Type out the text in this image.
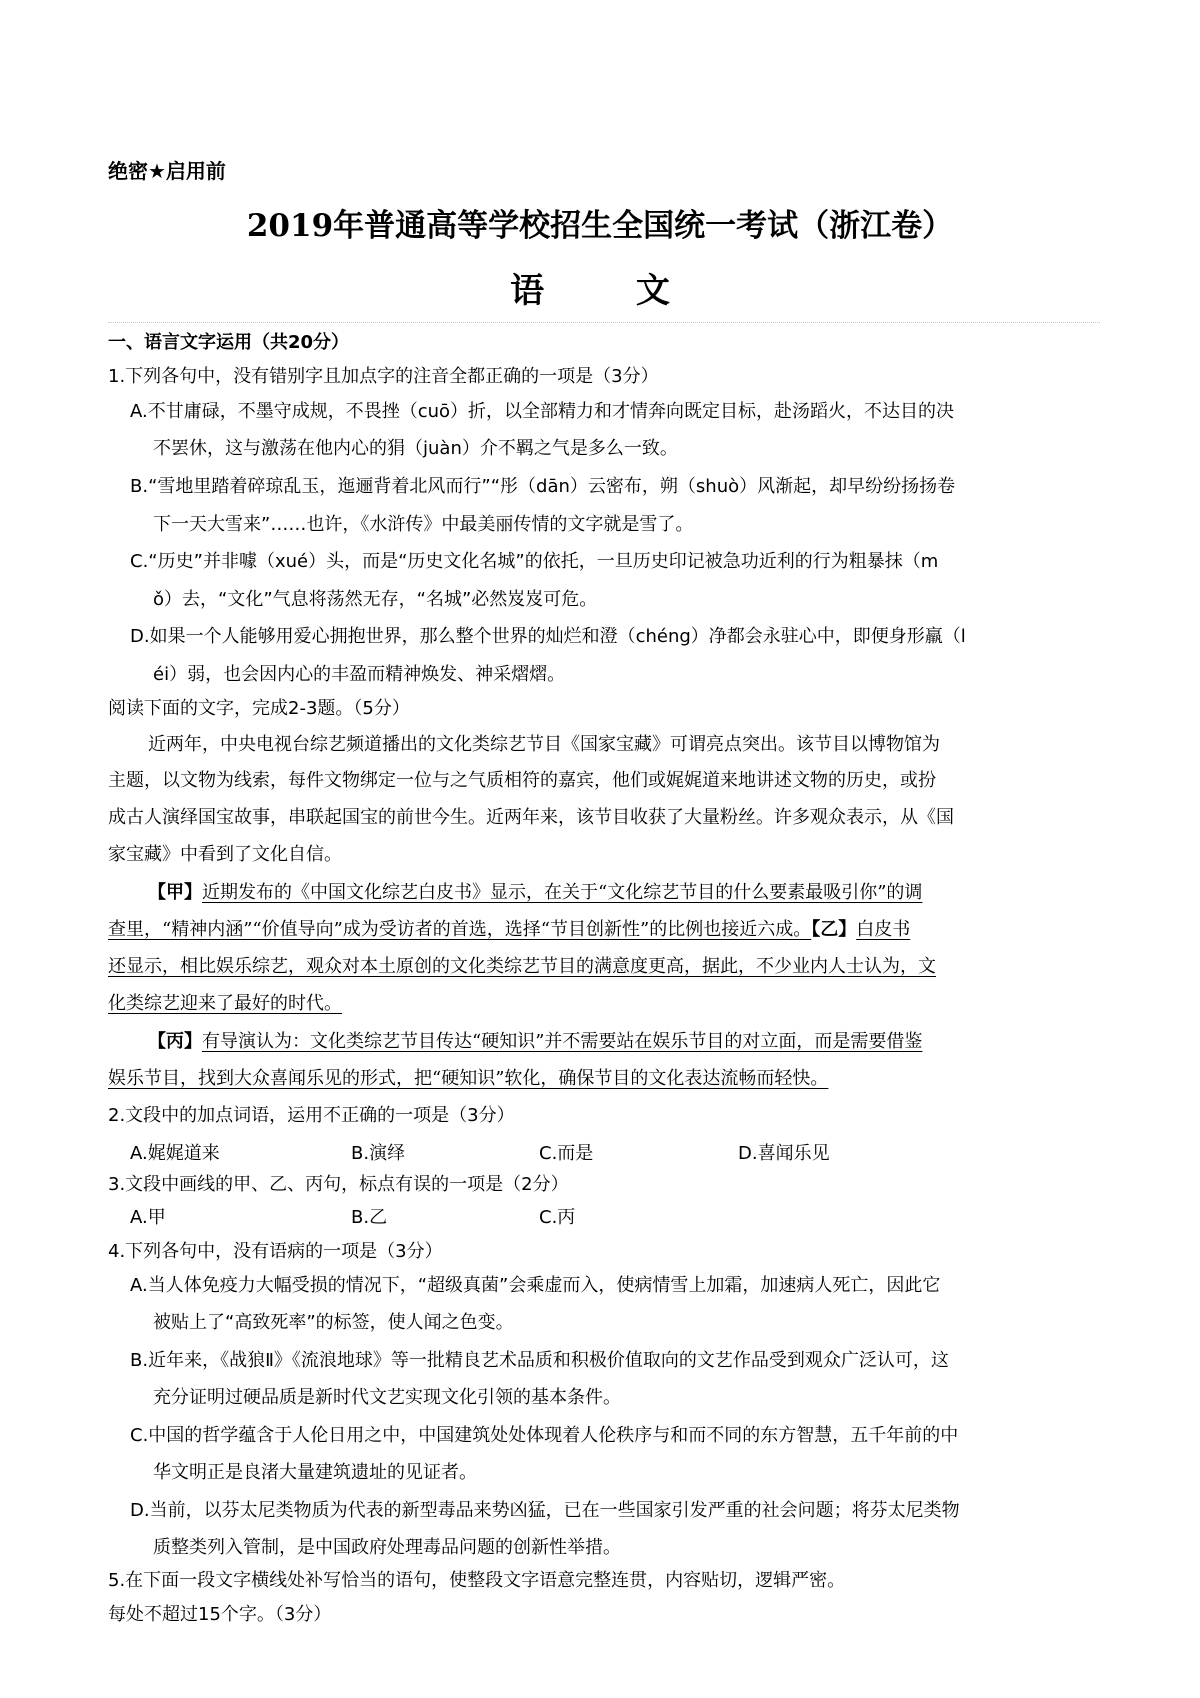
绝密★启用前
2019年普通高等学校招生全国统一考试（浙江卷）
语 文
一、语言文字运用（共20分）
1.下列各句中，没有错别字且加点字的注音全都正确的一项是（3分）
A.不甘庸碌，不墨守成规，不畏挫（cuō）折，以全部精力和才情奔向既定目标，赴汤蹈火，不达目的决
不罢休，这与激荡在他内心的狷（juàn）介不羁之气是多么一致。
B.“雪地里踏着碎琼乱玉，迤逦背着北风而行”“彤（dān）云密布，朔（shuò）风渐起，却早纷纷扬扬卷
下一天大雪来”……也许，《水浒传》中最美丽传情的文字就是雪了。
C.“历史”并非噱（xué）头，而是“历史文化名城”的依托，一旦历史印记被急功近利的行为粗暴抹（m
ǒ）去，“文化”气息将荡然无存，“名城”必然岌岌可危。
D.如果一个人能够用爱心拥抱世界，那么整个世界的灿烂和澄（chéng）净都会永驻心中，即便身形羸（l
éi）弱，也会因内心的丰盈而精神焕发、神采熠熠。
阅读下面的文字，完成2-3题。（5分）
近两年，中央电视台综艺频道播出的文化类综艺节目《国家宝藏》可谓亮点突出。该节目以博物馆为
主题，以文物为线索，每件文物绑定一位与之气质相符的嘉宾，他们或娓娓道来地讲述文物的历史，或扮
成古人演绎国宝故事，串联起国宝的前世今生。近两年来，该节目收获了大量粉丝。许多观众表示，从《国
家宝藏》中看到了文化自信。
【甲】近期发布的《中国文化综艺白皮书》显示，在关于“文化综艺节目的什么要素最吸引你”的调
查里，“精神内涵”“价值导向”成为受访者的首选，选择“节目创新性”的比例也接近六成。【乙】白皮书
还显示，相比娱乐综艺，观众对本土原创的文化类综艺节目的满意度更高，据此，不少业内人士认为，文
化类综艺迎来了最好的时代。
【丙】有导演认为：文化类综艺节目传达“硬知识”并不需要站在娱乐节目的对立面，而是需要借鉴
娱乐节目，找到大众喜闻乐见的形式，把“硬知识”软化，确保节目的文化表达流畅而轻快。
2.文段中的加点词语，运用不正确的一项是（3分）
A.娓娓道来	B.演绎	C.而是	D.喜闻乐见
3.文段中画线的甲、乙、丙句，标点有误的一项是（2分）
A.甲	B.乙	C.丙
4.下列各句中，没有语病的一项是（3分）
A.当人体免疫力大幅受损的情况下，“超级真菌”会乘虚而入，使病情雪上加霜，加速病人死亡，因此它
被贴上了“高致死率”的标签，使人闻之色变。
B.近年来，《战狼Ⅱ》《流浪地球》等一批精良艺术品质和积极价值取向的文艺作品受到观众广泛认可，这
充分证明过硬品质是新时代文艺实现文化引领的基本条件。
C.中国的哲学蕴含于人伦日用之中，中国建筑处处体现着人伦秩序与和而不同的东方智慧，五千年前的中
华文明正是良渚大量建筑遗址的见证者。
D.当前，以芬太尼类物质为代表的新型毒品来势凶猛，已在一些国家引发严重的社会问题；将芬太尼类物
质整类列入管制，是中国政府处理毒品问题的创新性举措。
5.在下面一段文字横线处补写恰当的语句，使整段文字语意完整连贯，内容贴切，逻辑严密。
每处不超过15个字。（3分）
